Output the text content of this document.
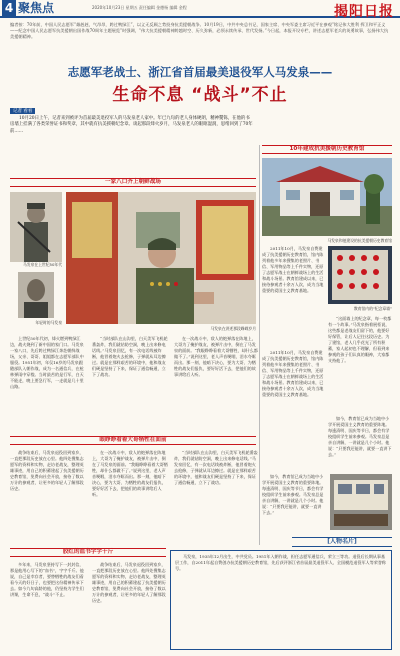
4 聚焦点	2020年10月23日 星期五 责任编辑 金德杨 编辑 金程	揭阳日报
编者按：70年前，中国人民志愿军“雄赳赳，气昂昂，跨过鸭绿江”，以义无反顾之势投身抗美援朝战争。10月19日，中共中央总书记、国家主席、中央军委主席习近平在参观“铭记伟大胜利 捍卫和平正义——纪念中国人民志愿军抗美援朝出国作战70周年主题展览”时强调，“伟大抗美援朝精神跨越时空、历久弥新，必须永续传承、世代发扬。”今日起，本报开设专栏，讲述志愿军老兵的英勇故事，弘扬伟大抗美援朝精神。
志愿军老战士、浙江省首届最美退役军人马发泉——
生命不息 “战斗”不止
记者 看看
10月20日上午，记者来到被评为首届最美退役军人的马发泉老人家中。年已九旬的老人身体硬朗，精神矍铄，在他的书房墙上挂满了各类荣誉证书和奖章，其中就有抗美援朝纪念章。谈起那段烽火岁月，马发泉老人的眼眶湿润，思绪回到了70年前……
10年建成抗美援朝历史教育馆
马发泉和他建设的抗美援朝历史教育馆
一家八口齐上朝鲜战场
马发泉在上世纪50年代
年轻时的马发泉
马发泉在讲述那段峥嵘岁月
上世纪50年代初，烽火燃到鸭绿江边，战火烧到了新中国的家门口。马发泉一家八口，先后跨过鸭绿江奔赴朝鲜战场，父亲、哥哥、姐姐都在志愿军部队中服役。1951年初，年仅16岁的马发泉跟随部队入朝作战，成为一名通信兵，在枪林弹雨中穿梭。当时最苦的是行军，白天不能走，晚上要急行军，一走就是几十里山路。
“当时部队在山沟里，白天美军飞机轮番轰炸，我们就钻防空洞，晚上出来修电话线。”马发泉回忆，有一次电话线被炸断，他冒着炮火去抢修，子弹就从耳边擦过。就是在那样艰苦的环境中，他和战友们硬是坚持了下来，保证了通信畅通，立下了战功。
在一次战斗中，敌人的炮弹落在阵地上，大哥为了掩护战友，被弹片击中，倒在了马发泉的面前。“我眼睁睁看着大哥牺牲，却什么都做不了。”说到这里，老人声音哽咽，泪水夺眶而出。那一刻，他暗下决心，要为大哥、为牺牲的战友们报仇，要好好活下去，把他们的故事讲给后人听。
眼睁睁看着大哥牺牲在面前
战争结束后，马发泉退役回到家乡，一直把那段历史放在心里。他四处搜集志愿军的资料和实物，走访老战友，整理英雄事迹，用自己的积蓄建起了抗美援朝历史教育馆，免费向社会开放，接待了数以万计的参观者，让更多的年轻人了解那段历史。
在一次战斗中，敌人的炮弹落在阵地上，大哥为了掩护战友，被弹片击中，倒在了马发泉的面前。“我眼睁睁看着大哥牺牲，却什么都做不了。”说到这里，老人声音哽咽，泪水夺眶而出。那一刻，他暗下决心，要为大哥、为牺牲的战友们报仇，要好好活下去，把他们的故事讲给后人听。
“当时部队在山沟里，白天美军飞机轮番轰炸，我们就钻防空洞，晚上出来修电话线。”马发泉回忆，有一次电话线被炸断，他冒着炮火去抢修，子弹就从耳边擦过。就是在那样艰苦的环境中，他和战友们硬是坚持了下来，保证了通信畅通，立下了战功。
胶红的血书字字千斤
多年来，马发泉坚持写下一封封信，那是他用心写下的“血书”，字字千斤。他说，自己是幸存者，要替牺牲的战友们看看今天的好日子，也要把这份精神传承下去。如今九旬高龄的他，仍坚持为学生们讲课，生命不息，“战斗”不止。
战争结束后，马发泉退役回到家乡，一直把那段历史放在心里。他四处搜集志愿军的资料和实物，走访老战友，整理英雄事迹，用自己的积蓄建起了抗美援朝历史教育馆，免费向社会开放，接待了数以万计的参观者，让更多的年轻人了解那段历史。
2011年10月，马发泉自费建成了抗美援朝历史教育馆，馆内陈列着他多年来搜集的老照片、书信、军用物品等上千件实物，还原了志愿军战士在朝鲜战场上的生活和战斗场景。教育馆建成以来，已接待参观者十余万人次，成为当地重要的爱国主义教育基地。
教育馆内的“纪念章墙”
“这面墙上的纪念章，每一枚都有一个故事。”马发泉指着展柜说，这些都是老战友们留下的，他要好好保管，让后人记住这段历史。为了建馆，老人几乎花光了所有积蓄，家人起初也不理解，但看到来参观的孩子们认真的眼神，大家都支持他了。
2011年10月，马发泉自费建成了抗美援朝历史教育馆，馆内陈列着他多年来搜集的老照片、书信、军用物品等上千件实物，还原了志愿军战士在朝鲜战场上的生活和战斗场景。教育馆建成以来，已接待参观者十余万人次，成为当地重要的爱国主义教育基地。
如今，教育馆已成为当地中小学开展爱国主义教育的重要阵地。每逢清明、国庆等节日，都会有学校组织学生前来参观。马发泉总是亲自讲解，一讲就是几个小时。他说：“只要我还能讲，就要一直讲下去。”
如今，教育馆已成为当地中小学开展爱国主义教育的重要阵地。每逢清明、国庆等节日，都会有学校组织学生前来参观。马发泉总是亲自讲解，一讲就是几个小时。他说：“只要我还能讲，就要一直讲下去。”
[人物名片]
马发泉，1935年12月出生，中共党员。1951年入朝作战，担任志愿军通信兵，荣立三等功。退役后长期从事基层工作，自2011年起自费创办抗美援朝历史教育馆，先后获评浙江省首届最美退役军人、全国模范退役军人等荣誉称号。
